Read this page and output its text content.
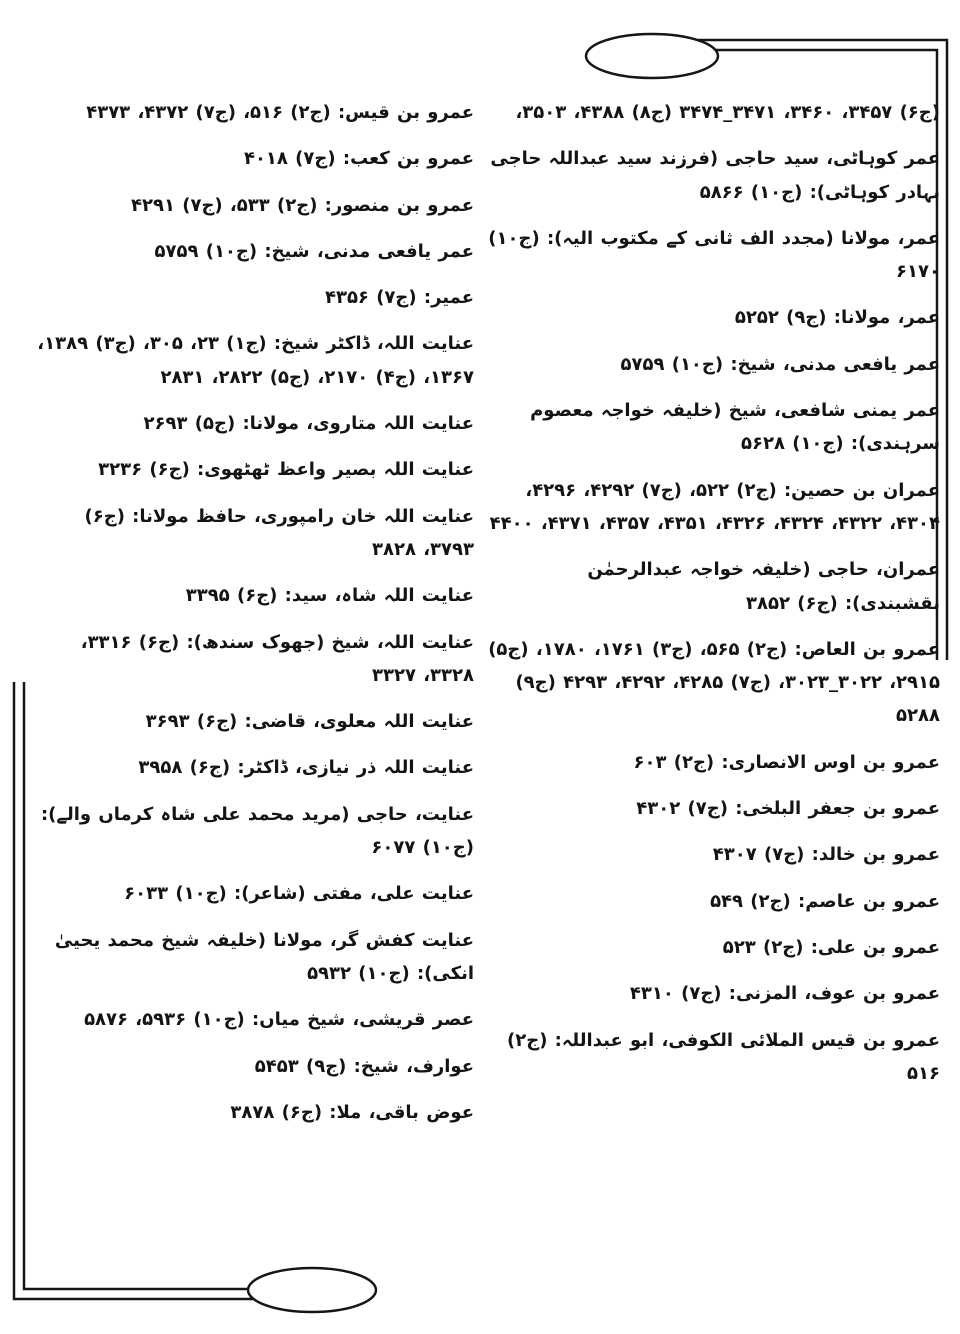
(ج۶) ۳۴۵۷، ۳۴۶۰، ۳۴۷۱_۳۴۷۴ (ج۸) ۴۳۸۸، ۳۵۰۳،
عمر کوہاٹی، سید حاجی (فرزند سید عبداللہ حاجی بہادر کوہاٹی): (ج۱۰) ۵۸۶۶
عمر، مولانا (مجدد الف ثانی کے مکتوب الیہ): (ج۱۰) ۶۱۷۰
عمر، مولانا: (ج۹) ۵۲۵۲
عمر یافعی مدنی، شیخ: (ج۱۰) ۵۷۵۹
عمر یمنی شافعی، شیخ (خلیفہ خواجہ معصوم سرہندی): (ج۱۰) ۵۶۲۸
عمران بن حصین: (ج۲) ۵۲۲، (ج۷) ۴۲۹۲، ۴۲۹۶، ۴۳۰۴، ۴۳۲۲، ۴۳۲۴، ۴۳۲۶، ۴۳۵۱، ۴۳۵۷، ۴۳۷۱، ۴۴۰۰
عمران، حاجی (خلیفہ خواجہ عبدالرحمٰن نقشبندی): (ج۶) ۳۸۵۲
عمرو بن العاص: (ج۲) ۵۶۵، (ج۳) ۱۷۶۱، ۱۷۸۰، (ج۵) ۲۹۱۵، ۳۰۲۲_۳۰۲۳، (ج۷) ۴۲۸۵، ۴۲۹۲، ۴۲۹۳ (ج۹) ۵۲۸۸
عمرو بن اوس الانصاری: (ج۲) ۶۰۳
عمرو بن جعفر البلخی: (ج۷) ۴۳۰۲
عمرو بن خالد: (ج۷) ۴۳۰۷
عمرو بن عاصم: (ج۲) ۵۴۹
عمرو بن علی: (ج۲) ۵۲۳
عمرو بن عوف، المزنی: (ج۷) ۴۳۱۰
عمرو بن قیس الملائی الکوفی، ابو عبداللہ: (ج۲) ۵۱۶
عمرو بن قیس: (ج۲) ۵۱۶، (ج۷) ۴۳۷۲، ۴۳۷۳
عمرو بن کعب: (ج۷) ۴۰۱۸
عمرو بن منصور: (ج۲) ۵۳۳، (ج۷) ۴۲۹۱
عمر یافعی مدنی، شیخ: (ج۱۰) ۵۷۵۹
عمیر: (ج۷) ۴۳۵۶
عنایت اللہ، ڈاکٹر شیخ: (ج۱) ۲۳، ۳۰۵، (ج۳) ۱۳۸۹، ۱۳۶۷، (ج۴) ۲۱۷۰، (ج۵) ۲۸۲۲، ۲۸۳۱
عنایت اللہ متاروی، مولانا: (ج۵) ۲۶۹۳
عنایت اللہ بصیر واعظ ٹھٹھوی: (ج۶) ۳۲۳۶
عنایت اللہ خان رامپوری، حافظ مولانا: (ج۶) ۳۷۹۳، ۳۸۲۸
عنایت اللہ شاہ، سید: (ج۶) ۳۳۹۵
عنایت اللہ، شیخ (جھوک سندھ): (ج۶) ۳۳۱۶، ۳۳۲۸، ۳۳۲۷
عنایت اللہ معلوی، قاضی: (ج۶) ۳۶۹۳
عنایت اللہ ذر نیازی، ڈاکٹر: (ج۶) ۳۹۵۸
عنایت، حاجی (مرید محمد علی شاہ کرماں والے): (ج۱۰) ۶۰۷۷
عنایت علی، مفتی (شاعر): (ج۱۰) ۶۰۳۳
عنایت کفش گر، مولانا (خلیفہ شیخ محمد یحییٰ انکی): (ج۱۰) ۵۹۳۲
عصر قریشی، شیخ میاں: (ج۱۰) ۵۹۳۶، ۵۸۷۶
عوارف، شیخ: (ج۹) ۵۴۵۳
عوض باقی، ملا: (ج۶) ۳۸۷۸
